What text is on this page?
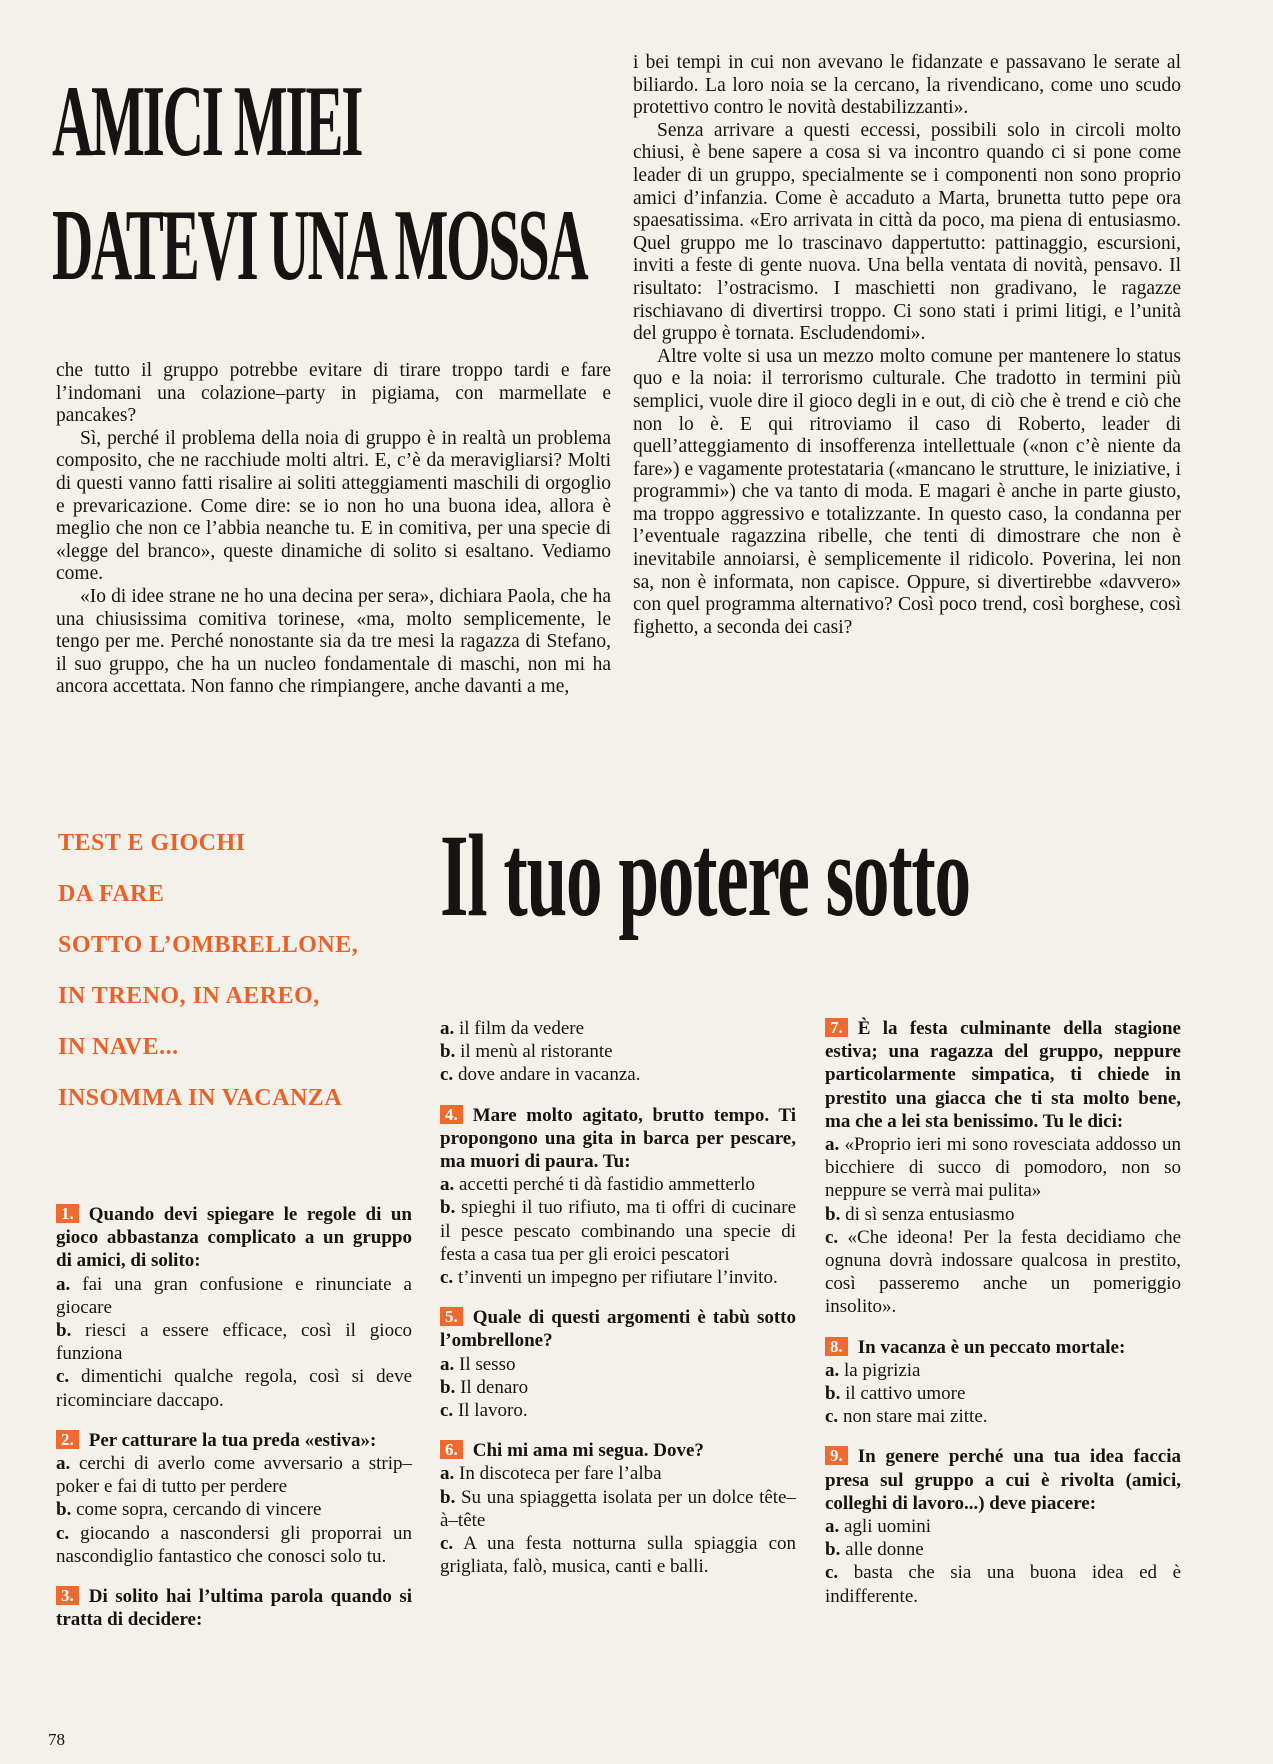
AMICI MIEI
DATEVI UNA MOSSA

che tutto il gruppo potrebbe evitare di tirare troppo tardi e fare l’indomani una colazione–party in pigiama, con marmellate e pancakes?

Sì, perché il problema della noia di gruppo è in realtà un problema composito, che ne racchiude molti altri. E, c’è da meravigliarsi? Molti di questi vanno fatti risalire ai soliti atteggiamenti maschili di orgoglio e prevaricazione. Come dire: se io non ho una buona idea, allora è meglio che non ce l’abbia neanche tu. E in comitiva, per una specie di «legge del branco», queste dinamiche di solito si esaltano. Vediamo come.

«Io di idee strane ne ho una decina per sera», dichiara Paola, che ha una chiusissima comitiva torinese, «ma, molto semplicemente, le tengo per me. Perché nonostante sia da tre mesi la ragazza di Stefano, il suo gruppo, che ha un nucleo fondamentale di maschi, non mi ha ancora accettata. Non fanno che rimpiangere, anche davanti a me,

i bei tempi in cui non avevano le fidanzate e passavano le serate al biliardo. La loro noia se la cercano, la rivendicano, come uno scudo protettivo contro le novità destabilizzanti».

Senza arrivare a questi eccessi, possibili solo in circoli molto chiusi, è bene sapere a cosa si va incontro quando ci si pone come leader di un gruppo, specialmente se i componenti non sono proprio amici d’infanzia. Come è accaduto a Marta, brunetta tutto pepe ora spaesatissima. «Ero arrivata in città da poco, ma piena di entusiasmo. Quel gruppo me lo trascinavo dappertutto: pattinaggio, escursioni, inviti a feste di gente nuova. Una bella ventata di novità, pensavo. Il risultato: l’ostracismo. I maschietti non gradivano, le ragazze rischiavano di divertirsi troppo. Ci sono stati i primi litigi, e l’unità del gruppo è tornata. Escludendomi».

Altre volte si usa un mezzo molto comune per mantenere lo status quo e la noia: il terrorismo culturale. Che tradotto in termini più semplici, vuole dire il gioco degli in e out, di ciò che è trend e ciò che non lo è. E qui ritroviamo il caso di Roberto, leader di quell’atteggiamento di insofferenza intellettuale («non c’è niente da fare») e vagamente protestataria («mancano le strutture, le iniziative, i programmi») che va tanto di moda. E magari è anche in parte giusto, ma troppo aggressivo e totalizzante. In questo caso, la condanna per l’eventuale ragazzina ribelle, che tenti di dimostrare che non è inevitabile annoiarsi, è semplicemente il ridicolo. Poverina, lei non sa, non è informata, non capisce. Oppure, si divertirebbe «davvero» con quel programma alternativo? Così poco trend, così borghese, così fighetto, a seconda dei casi?

TEST E GIOCHI
DA FARE
SOTTO L’OMBRELLONE,
IN TRENO, IN AEREO,
IN NAVE...
INSOMMA IN VACANZA
Il tuo potere sotto
1. Quando devi spiegare le regole di un gioco abbastanza complicato a un gruppo di amici, di solito:
a. fai una gran confusione e rinunciate a giocare
b. riesci a essere efficace, così il gioco funziona
c. dimentichi qualche regola, così si deve ricominciare daccapo.
2. Per catturare la tua preda «estiva»:
a. cerchi di averlo come avversario a strip–poker e fai di tutto per perdere
b. come sopra, cercando di vincere
c. giocando a nascondersi gli proporrai un nascondiglio fantastico che conosci solo tu.
3. Di solito hai l’ultima parola quando si tratta di decidere:
a. il film da vedere
b. il menù al ristorante
c. dove andare in vacanza.
4. Mare molto agitato, brutto tempo. Ti propongono una gita in barca per pescare, ma muori di paura. Tu:
a. accetti perché ti dà fastidio ammetterlo
b. spieghi il tuo rifiuto, ma ti offri di cucinare il pesce pescato combinando una specie di festa a casa tua per gli eroici pescatori
c. t’inventi un impegno per rifiutare l’invito.
5. Quale di questi argomenti è tabù sotto l’ombrellone?
a. Il sesso
b. Il denaro
c. Il lavoro.
6. Chi mi ama mi segua. Dove?
a. In discoteca per fare l’alba
b. Su una spiaggetta isolata per un dolce tête–à–tête
c. A una festa notturna sulla spiaggia con grigliata, falò, musica, canti e balli.
7. È la festa culminante della stagione estiva; una ragazza del gruppo, neppure particolarmente simpatica, ti chiede in prestito una giacca che ti sta molto bene, ma che a lei sta benissimo. Tu le dici:
a. «Proprio ieri mi sono rovesciata addosso un bicchiere di succo di pomodoro, non so neppure se verrà mai pulita»
b. di sì senza entusiasmo
c. «Che ideona! Per la festa decidiamo che ognuna dovrà indossare qualcosa in prestito, così passeremo anche un pomeriggio insolito».
8. In vacanza è un peccato mortale:
a. la pigrizia
b. il cattivo umore
c. non stare mai zitte.
9. In genere perché una tua idea faccia presa sul gruppo a cui è rivolta (amici, colleghi di lavoro...) deve piacere:
a. agli uomini
b. alle donne
c. basta che sia una buona idea ed è indifferente.
78
